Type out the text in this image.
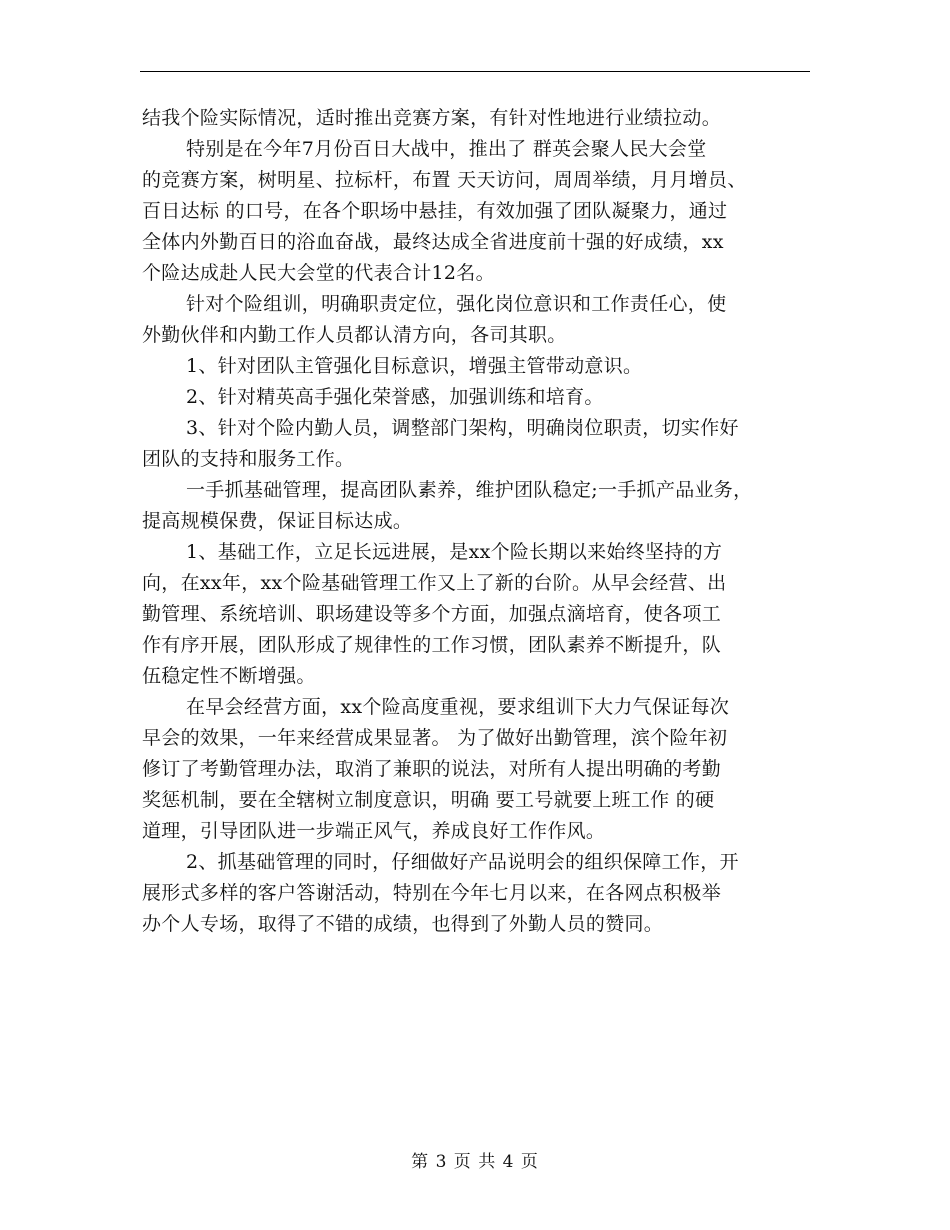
结我个险实际情况，适时推出竞赛方案，有针对性地进行业绩拉动。
特别是在今年7月份百日大战中，推出了 群英会聚人民大会堂
的竞赛方案，树明星、拉标杆，布置 天天访问，周周举绩，月月增员、
百日达标 的口号，在各个职场中悬挂，有效加强了团队凝聚力，通过
全体内外勤百日的浴血奋战，最终达成全省进度前十强的好成绩，xx
个险达成赴人民大会堂的代表合计12名。
针对个险组训，明确职责定位，强化岗位意识和工作责任心，使
外勤伙伴和内勤工作人员都认清方向，各司其职。
1、针对团队主管强化目标意识，增强主管带动意识。
2、针对精英高手强化荣誉感，加强训练和培育。
3、针对个险内勤人员，调整部门架构，明确岗位职责，切实作好
团队的支持和服务工作。
一手抓基础管理，提高团队素养，维护团队稳定;一手抓产品业务，
提高规模保费，保证目标达成。
1、基础工作，立足长远进展，是xx个险长期以来始终坚持的方
向，在xx年，xx个险基础管理工作又上了新的台阶。从早会经营、出
勤管理、系统培训、职场建设等多个方面，加强点滴培育，使各项工
作有序开展，团队形成了规律性的工作习惯，团队素养不断提升，队
伍稳定性不断增强。
在早会经营方面，xx个险高度重视，要求组训下大力气保证每次
早会的效果，一年来经营成果显著。 为了做好出勤管理，滨个险年初
修订了考勤管理办法，取消了兼职的说法，对所有人提出明确的考勤
奖惩机制，要在全辖树立制度意识，明确 要工号就要上班工作 的硬
道理，引导团队进一步端正风气，养成良好工作作风。
2、抓基础管理的同时，仔细做好产品说明会的组织保障工作，开
展形式多样的客户答谢活动，特别在今年七月以来，在各网点积极举
办个人专场，取得了不错的成绩，也得到了外勤人员的赞同。
第 3 页 共 4 页
